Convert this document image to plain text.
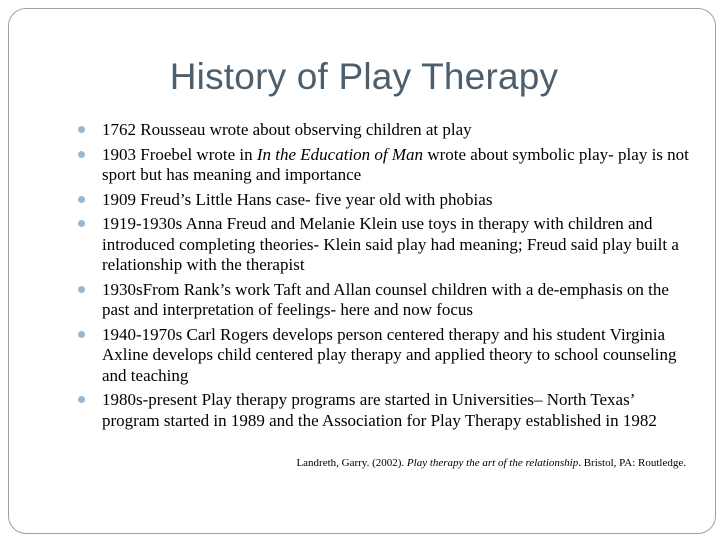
History of Play Therapy
1762 Rousseau wrote about observing children at play
1903 Froebel wrote in In the Education of Man wrote about symbolic play- play is not sport but has meaning and importance
1909 Freud’s Little Hans case- five year old with phobias
1919-1930s Anna Freud and Melanie Klein use toys in therapy with children and introduced completing theories- Klein said play had meaning; Freud said play built a relationship with the therapist
1930sFrom Rank’s work Taft and Allan counsel children with a de-emphasis on the past and interpretation of feelings- here and now focus
1940-1970s Carl Rogers develops person centered therapy and his student Virginia Axline develops child centered play therapy and applied theory to school counseling and teaching
1980s-present Play therapy programs are started in Universities– North Texas’ program started in 1989 and the Association for Play Therapy established in 1982
Landreth, Garry. (2002). Play therapy the art of the relationship. Bristol, PA: Routledge.
